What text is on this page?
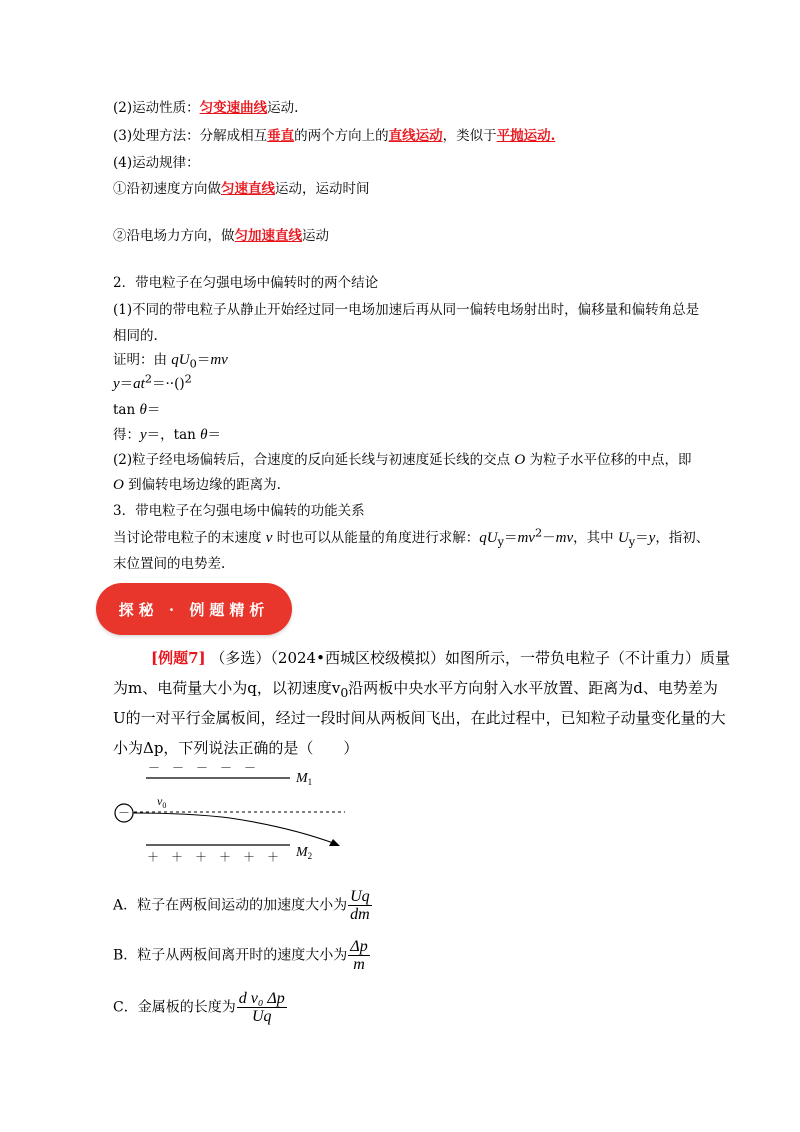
(2)运动性质：匀变速曲线运动.
(3)处理方法：分解成相互垂直的两个方向上的直线运动，类似于平抛运动.
(4)运动规律：
①沿初速度方向做匀速直线运动，运动时间
②沿电场力方向，做匀加速直线运动
2．带电粒子在匀强电场中偏转时的两个结论
(1)不同的带电粒子从静止开始经过同一电场加速后再从同一偏转电场射出时，偏移量和偏转角总是
相同的.
证明：由 $qU_0=mv$
$y=at^2=\cdot\cdot()^2$
tan θ＝
得：y＝，tan θ＝
(2)粒子经电场偏转后，合速度的反向延长线与初速度延长线的交点 O 为粒子水平位移的中点，即
O 到偏转电场边缘的距离为.
3．带电粒子在匀强电场中偏转的功能关系
当讨论带电粒子的末速度 v 时也可以从能量的角度进行求解：$qU_y=mv^2-mv$，其中 $U_y=y$，指初、
末位置间的电势差.
探秘 · 例题精析
[例题7] （多选）（2024•西城区校级模拟）如图所示，一带负电粒子（不计重力）质量
为m、电荷量大小为q，以初速度$v_0$沿两板中央水平方向射入水平放置、距离为d、电势差为
U的一对平行金属板间，经过一段时间从两板间飞出，在此过程中，已知粒子动量变化量的大
小为Δp，下列说法正确的是（　　）
－　－　－　－　－
$M_1$
－
$v_0$
$M_2$
＋　＋　＋　＋　＋　＋
A．粒子在两板间运动的加速度大小为 $\frac{Uq}{dm}$
B．粒子从两板间离开时的速度大小为 $\frac{\Delta p}{m}$
C．金属板的长度为 $\frac{\text{d v₀ Δp}}{Uq}$
